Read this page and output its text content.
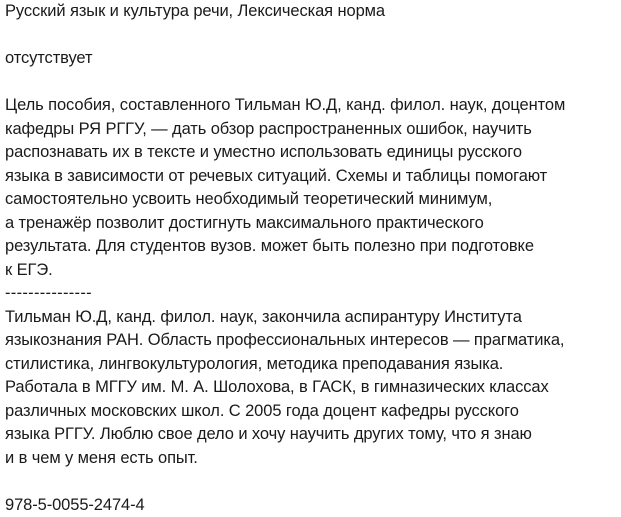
Русский язык и культура речи, Лексическая норма
отсутствует
Цель пособия, составленного Тильман Ю.Д, канд. филол. наук, доцентом
кафедры РЯ РГГУ, — дать обзор распространенных ошибок, научить
распознавать их в тексте и уместно использовать единицы русского
языка в зависимости от речевых ситуаций. Схемы и таблицы помогают
самостоятельно усвоить необходимый теоретический минимум,
а тренажёр позволит достигнуть максимального практического
результата. Для студентов вузов. может быть полезно при подготовке
к ЕГЭ.
---------------
Тильман Ю.Д, канд. филол. наук, закончила аспирантуру Института
языкознания РАН. Область профессиональных интересов — прагматика,
стилистика, лингвокультурология, методика преподавания языка.
Работала в МГГУ им. М. А. Шолохова, в ГАСК, в гимназических классах
различных московских школ. С 2005 года доцент кафедры русского
языка РГГУ. Люблю свое дело и хочу научить других тому, что я знаю
и в чем у меня есть опыт.
978-5-0055-2474-4
